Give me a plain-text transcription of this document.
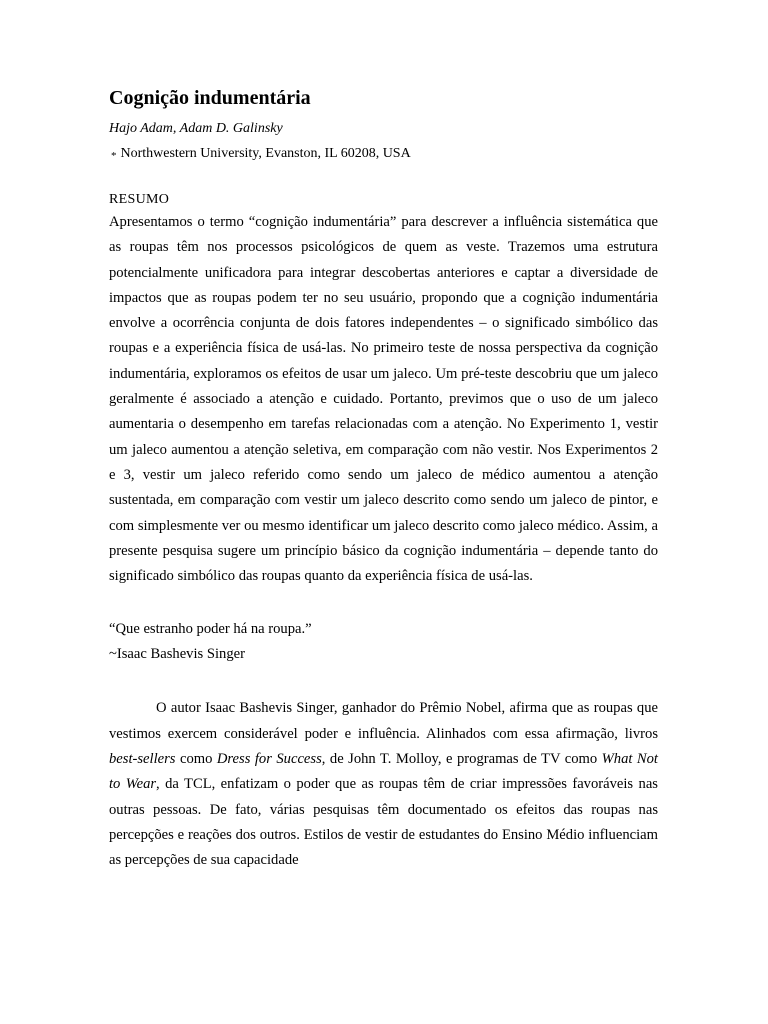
Cognição indumentária
Hajo Adam, Adam D. Galinsky
* Northwestern University, Evanston, IL 60208, USA
RESUMO

Apresentamos o termo “cognição indumentária” para descrever a influência sistemática que as roupas têm nos processos psicológicos de quem as veste. Trazemos uma estrutura potencialmente unificadora para integrar descobertas anteriores e captar a diversidade de impactos que as roupas podem ter no seu usuário, propondo que a cognição indumentária envolve a ocorrência conjunta de dois fatores independentes – o significado simbólico das roupas e a experiência física de usá-las. No primeiro teste de nossa perspectiva da cognição indumentária, exploramos os efeitos de usar um jaleco. Um pré-teste descobriu que um jaleco geralmente é associado a atenção e cuidado. Portanto, previmos que o uso de um jaleco aumentaria o desempenho em tarefas relacionadas com a atenção. No Experimento 1, vestir um jaleco aumentou a atenção seletiva, em comparação com não vestir. Nos Experimentos 2 e 3, vestir um jaleco referido como sendo um jaleco de médico aumentou a atenção sustentada, em comparação com vestir um jaleco descrito como sendo um jaleco de pintor, e com simplesmente ver ou mesmo identificar um jaleco descrito como jaleco médico. Assim, a presente pesquisa sugere um princípio básico da cognição indumentária – depende tanto do significado simbólico das roupas quanto da experiência física de usá-las.

“Que estranho poder há na roupa.”
~Isaac Bashevis Singer

O autor Isaac Bashevis Singer, ganhador do Prêmio Nobel, afirma que as roupas que vestimos exercem considerável poder e influência. Alinhados com essa afirmação, livros best-sellers como Dress for Success, de John T. Molloy, e programas de TV como What Not to Wear, da TCL, enfatizam o poder que as roupas têm de criar impressões favoráveis nas outras pessoas. De fato, várias pesquisas têm documentado os efeitos das roupas nas percepções e reações dos outros. Estilos de vestir de estudantes do Ensino Médio influenciam as percepções de sua capacidade
